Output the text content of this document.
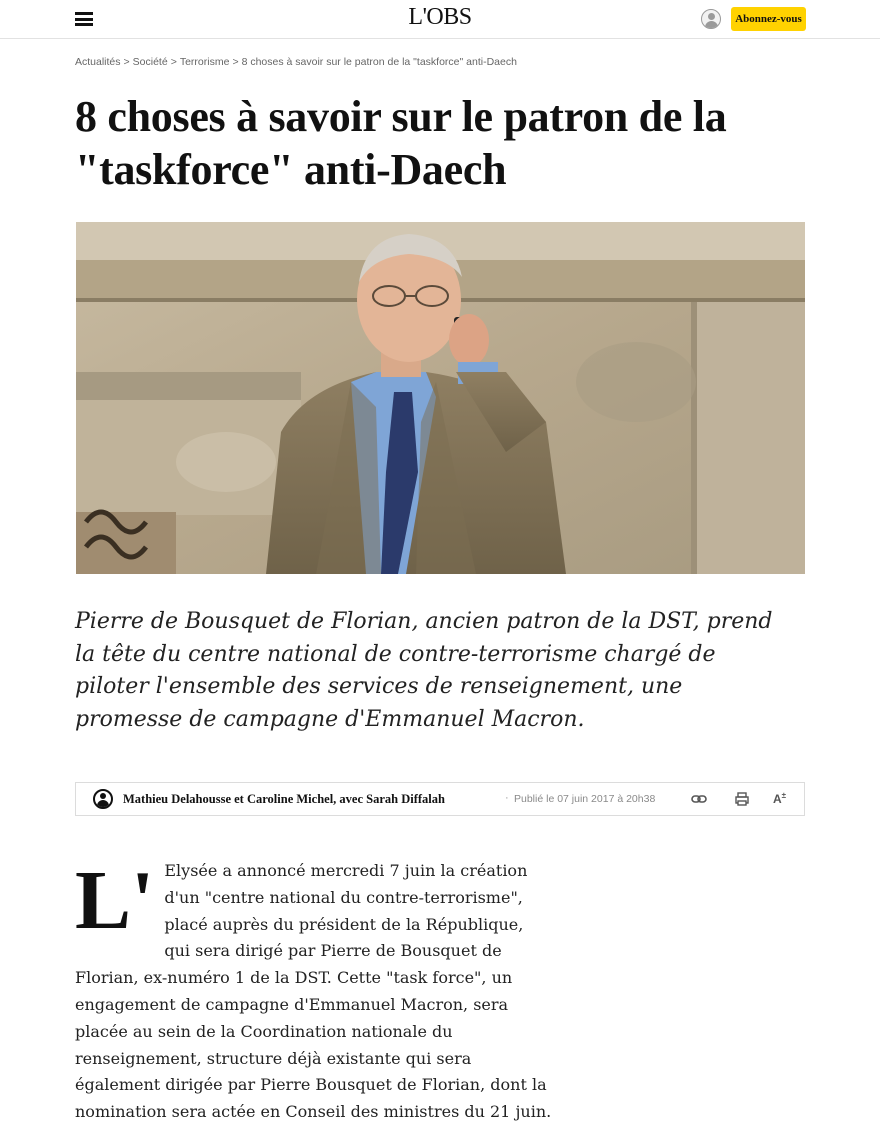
L'OBS	Abonnez-vous
Actualités > Société > Terrorisme > 8 choses à savoir sur le patron de la "taskforce" anti-Daech
8 choses à savoir sur le patron de la "taskforce" anti-Daech

Pierre de Bousquet de Florian, ancien patron de la DST, prend la tête du centre national de contre-terrorisme chargé de piloter l'ensemble des services de renseignement, une promesse de campagne d'Emmanuel Macron.

Mathieu Delahousse et Caroline Michel, avec Sarah Diffalah	· Publié le 07 juin 2017 à 20h38	A±

L' Elysée a annoncé mercredi 7 juin la création d'un "centre national du contre-terrorisme", placé auprès du président de la République, qui sera dirigé par Pierre de Bousquet de Florian, ex-numéro 1 de la DST. Cette "task force", un engagement de campagne d'Emmanuel Macron, sera placée au sein de la Coordination nationale du renseignement, structure déjà existante qui sera également dirigée par Pierre Bousquet de Florian, dont la nomination sera actée en Conseil des ministres du 21 juin.
